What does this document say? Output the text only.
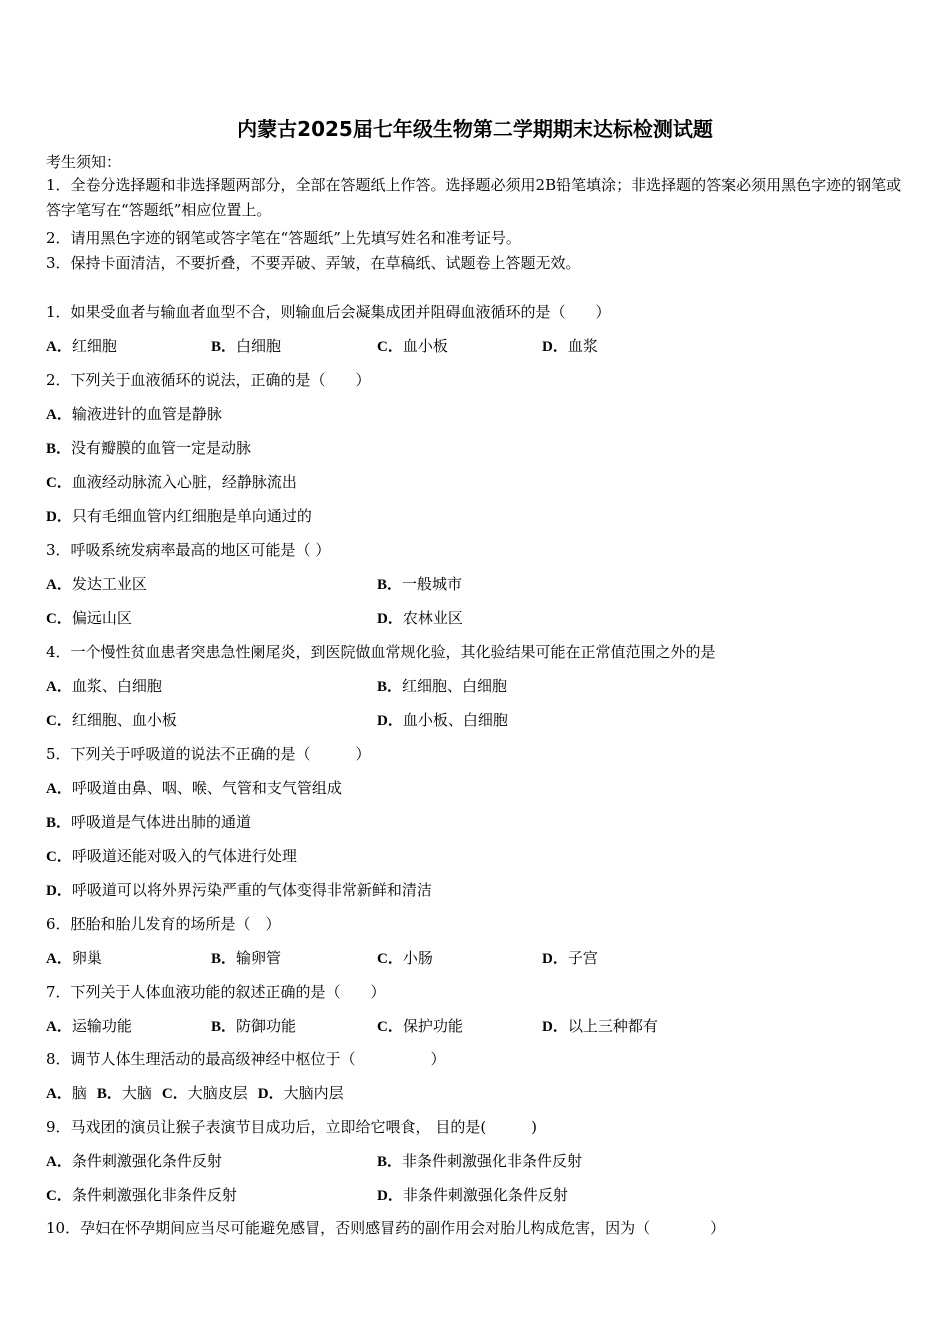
内蒙古2025届七年级生物第二学期期末达标检测试题
考生须知：
1．全卷分选择题和非选择题两部分，全部在答题纸上作答。选择题必须用2B铅笔填涂；非选择题的答案必须用黑色字迹的钢笔或答字笔写在“答题纸”相应位置上。
2．请用黑色字迹的钢笔或答字笔在“答题纸”上先填写姓名和准考证号。
3．保持卡面清洁，不要折叠，不要弄破、弄皱，在草稿纸、试题卷上答题无效。
1．如果受血者与输血者血型不合，则输血后会凝集成团并阻碍血液循环的是（　　）
A．红细胞	B．白细胞	C．血小板	D．血浆
2．下列关于血液循环的说法，正确的是（　　）
A．输液进针的血管是静脉
B．没有瓣膜的血管一定是动脉
C．血液经动脉流入心脏，经静脉流出
D．只有毛细血管内红细胞是单向通过的
3．呼吸系统发病率最高的地区可能是（ ）
A．发达工业区	B．一般城市
C．偏远山区	D．农林业区
4．一个慢性贫血患者突患急性阑尾炎，到医院做血常规化验，其化验结果可能在正常值范围之外的是
A．血浆、白细胞	B．红细胞、白细胞
C．红细胞、血小板	D．血小板、白细胞
5．下列关于呼吸道的说法不正确的是（　　　）
A．呼吸道由鼻、咽、喉、气管和支气管组成
B．呼吸道是气体进出肺的通道
C．呼吸道还能对吸入的气体进行处理
D．呼吸道可以将外界污染严重的气体变得非常新鲜和清洁
6．胚胎和胎儿发育的场所是（　）
A．卵巢	B．输卵管	C．小肠	D．子宫
7．下列关于人体血液功能的叙述正确的是（　　）
A．运输功能	B．防御功能	C．保护功能	D．以上三种都有
8．调节人体生理活动的最高级神经中枢位于（　　　　　）
A．脑 B．大脑 C．大脑皮层 D．大脑内层
9．马戏团的演员让猴子表演节目成功后，立即给它喂食， 目的是(　　　)
A．条件刺激强化条件反射	B．非条件刺激强化非条件反射
C．条件刺激强化非条件反射	D．非条件刺激强化条件反射
10．孕妇在怀孕期间应当尽可能避免感冒，否则感冒药的副作用会对胎儿构成危害，因为（　　　　）
